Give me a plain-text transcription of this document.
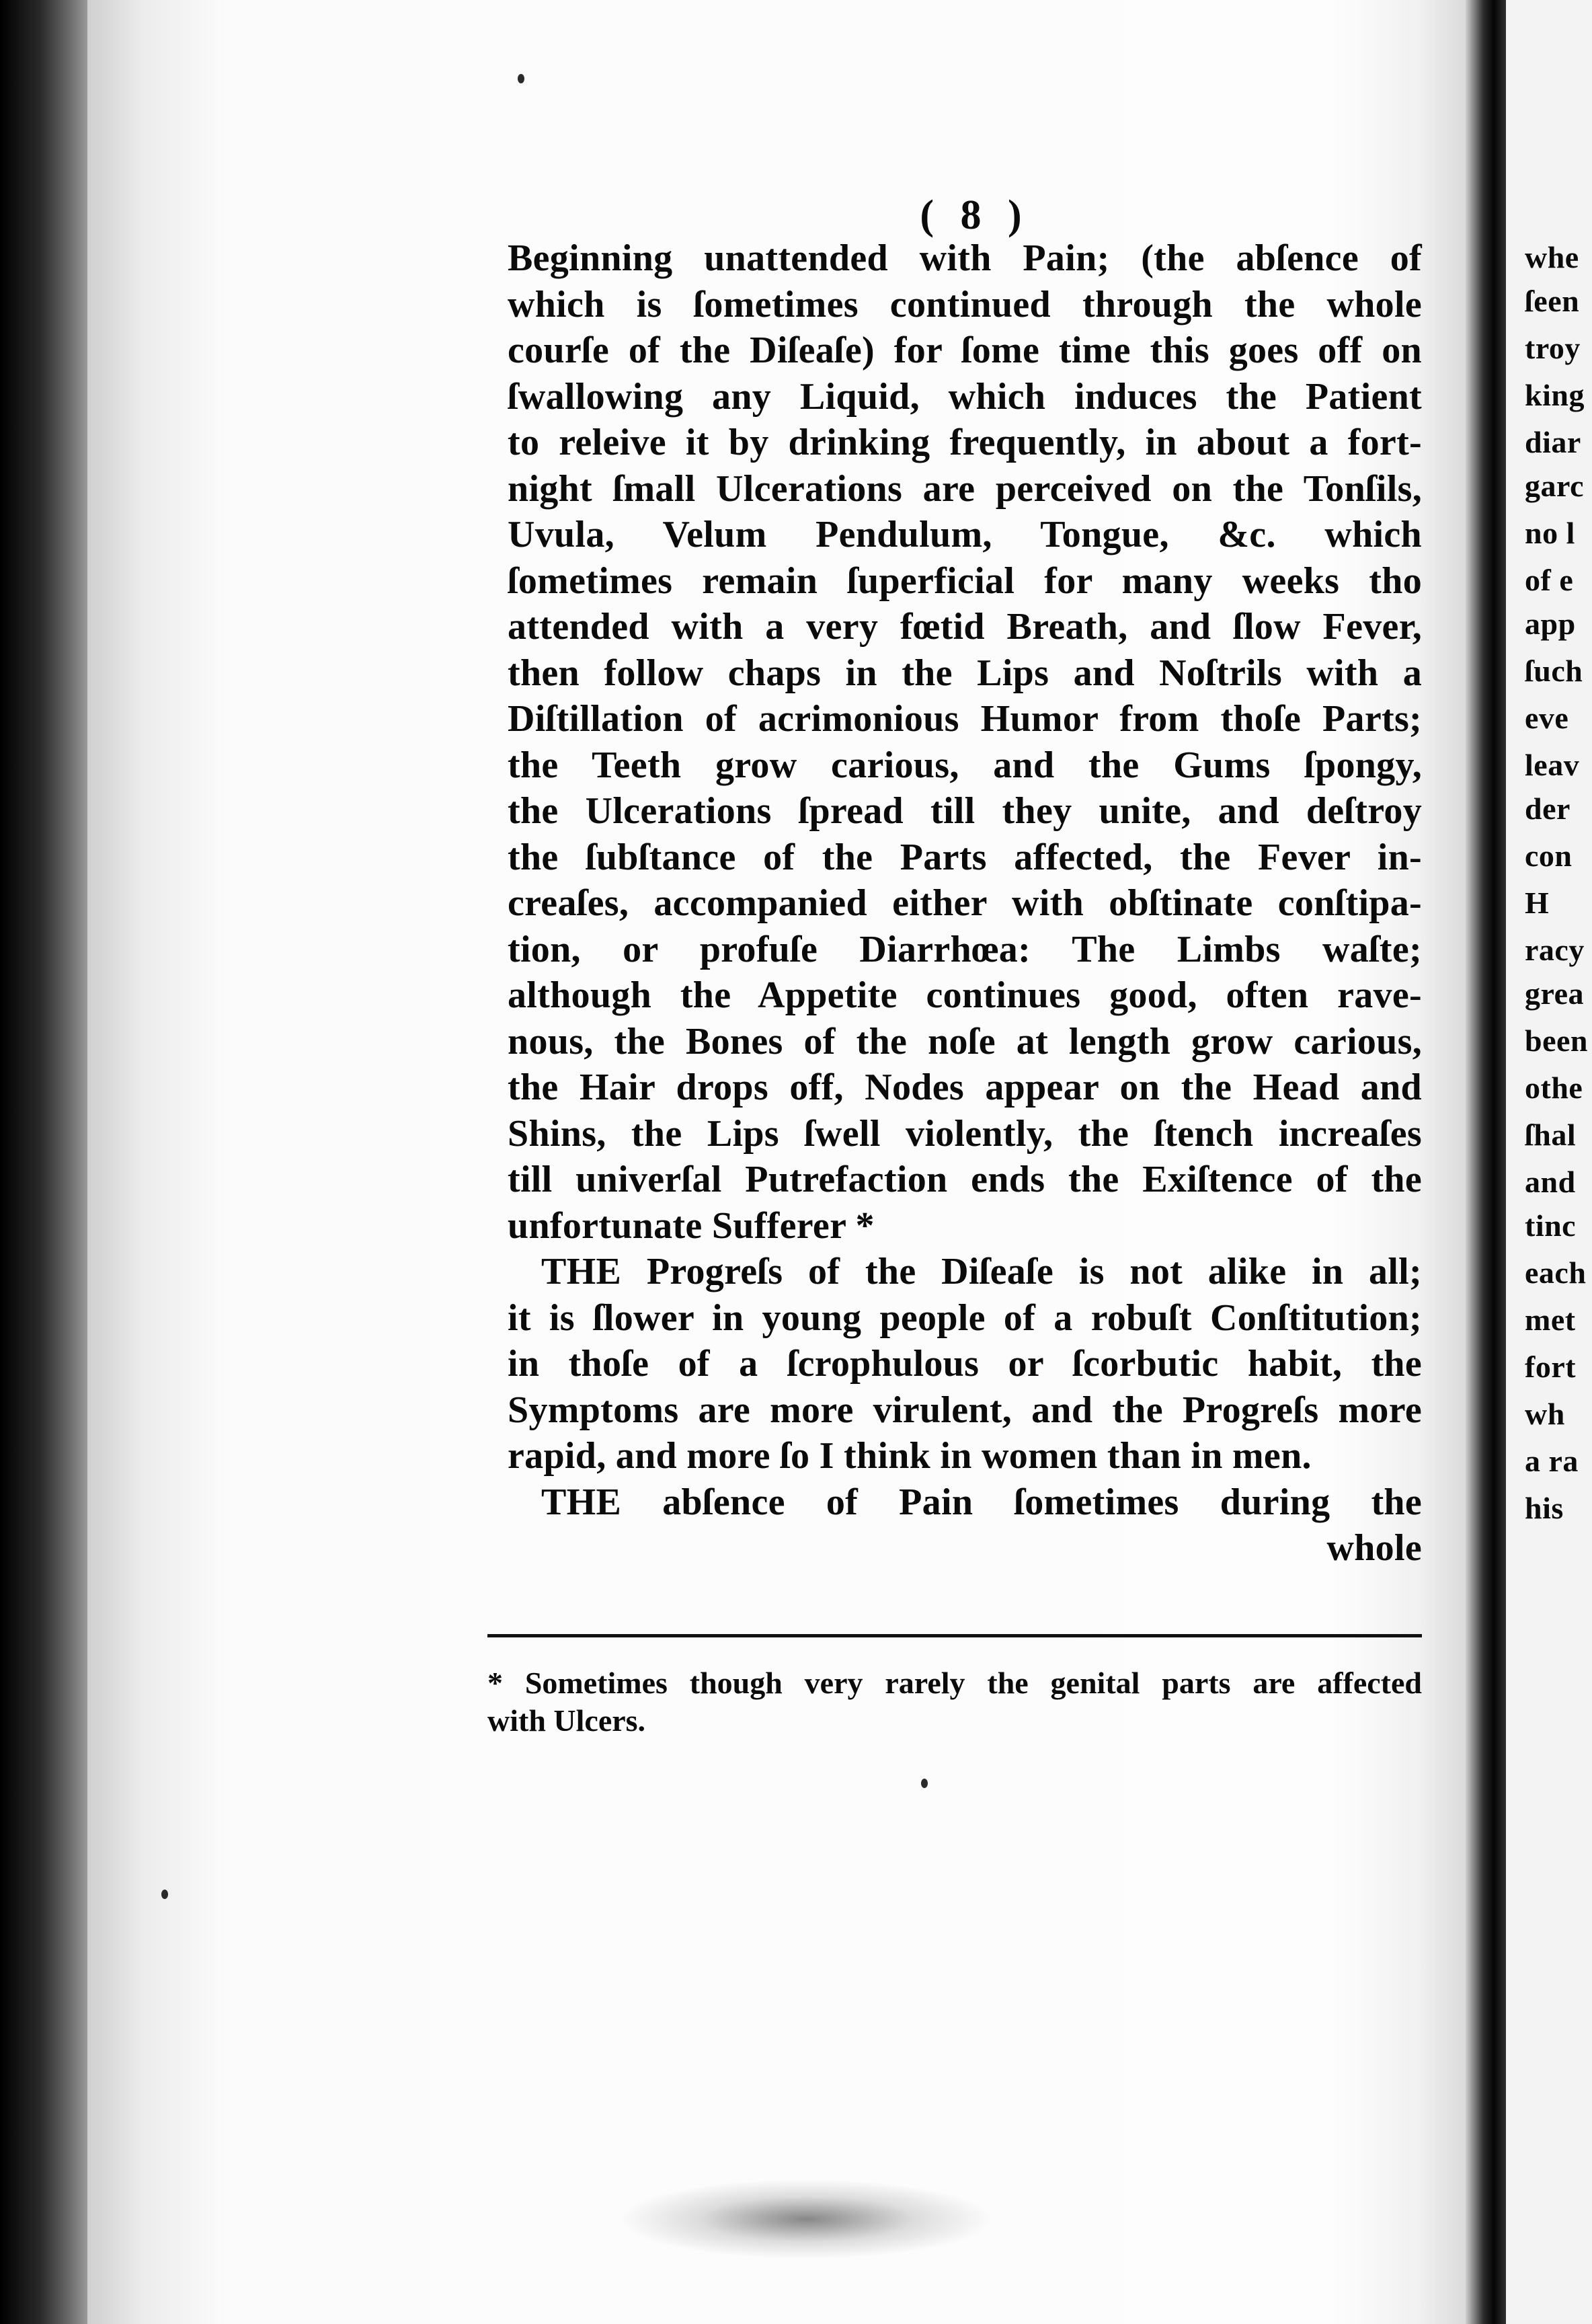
whe
ſeen
troy
king
diar
garc
no l
of e
app
ſuch
eve
leav
der
con
H
racy
grea
been
othe
ſhal
and
tinc
each
met
fort
wh
a ra
his
( 8 )
Beginning unattended with Pain; (the abſence of
which is ſometimes continued through the whole
courſe of the Diſeaſe) for ſome time this goes off on
ſwallowing any Liquid, which induces the Patient
to releive it by drinking frequently, in about a fort-
night ſmall Ulcerations are perceived on the Tonſils,
Uvula, Velum Pendulum, Tongue, &c. which
ſometimes remain ſuperficial for many weeks tho
attended with a very fœtid Breath, and ſlow Fever,
then follow chaps in the Lips and Noſtrils with a
Diſtillation of acrimonious Humor from thoſe Parts;
the Teeth grow carious, and the Gums ſpongy,
the Ulcerations ſpread till they unite, and deſtroy
the ſubſtance of the Parts affected, the Fever in-
creaſes, accompanied either with obſtinate conſtipa-
tion, or profuſe Diarrhœa: The Limbs waſte;
although the Appetite continues good, often rave-
nous, the Bones of the noſe at length grow carious,
the Hair drops off, Nodes appear on the Head and
Shins, the Lips ſwell violently, the ſtench increaſes
till univerſal Putrefaction ends the Exiſtence of the
unfortunate Sufferer *
THE Progreſs of the Diſeaſe is not alike in all;
it is ſlower in young people of a robuſt Conſtitution;
in thoſe of a ſcrophulous or ſcorbutic habit, the
Symptoms are more virulent, and the Progreſs more
rapid, and more ſo I think in women than in men.
THE abſence of Pain ſometimes during the
whole
* Sometimes though very rarely the genital parts are affected
with Ulcers.
